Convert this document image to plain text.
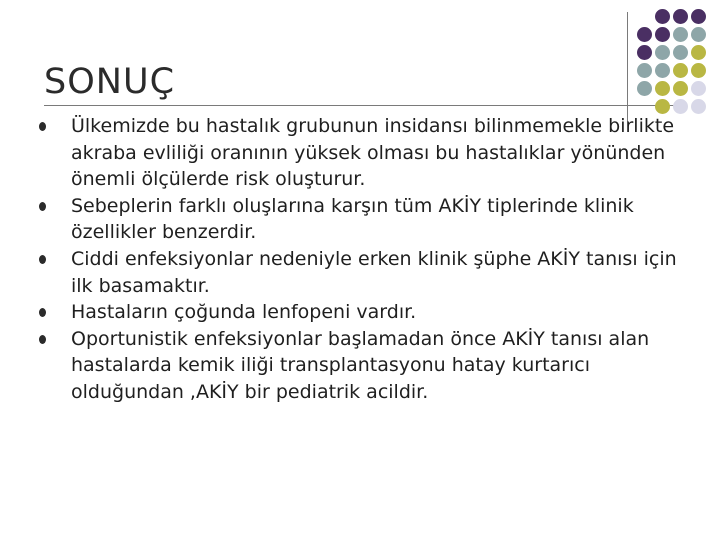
SONUÇ
Ülkemizde bu hastalık grubunun insidansı bilinmemekle birlikte akraba evliliği oranının yüksek olması bu hastalıklar yönünden önemli ölçülerde risk oluşturur.
Sebeplerin farklı oluşlarına karşın tüm AKİY tiplerinde klinik özellikler benzerdir.
Ciddi enfeksiyonlar nedeniyle erken klinik şüphe AKİY tanısı için ilk basamaktır.
Hastaların çoğunda lenfopeni vardır.
Oportunistik enfeksiyonlar başlamadan önce AKİY tanısı alan hastalarda kemik iliği transplantasyonu hatay kurtarıcı olduğundan ,AKİY bir pediatrik acildir.
